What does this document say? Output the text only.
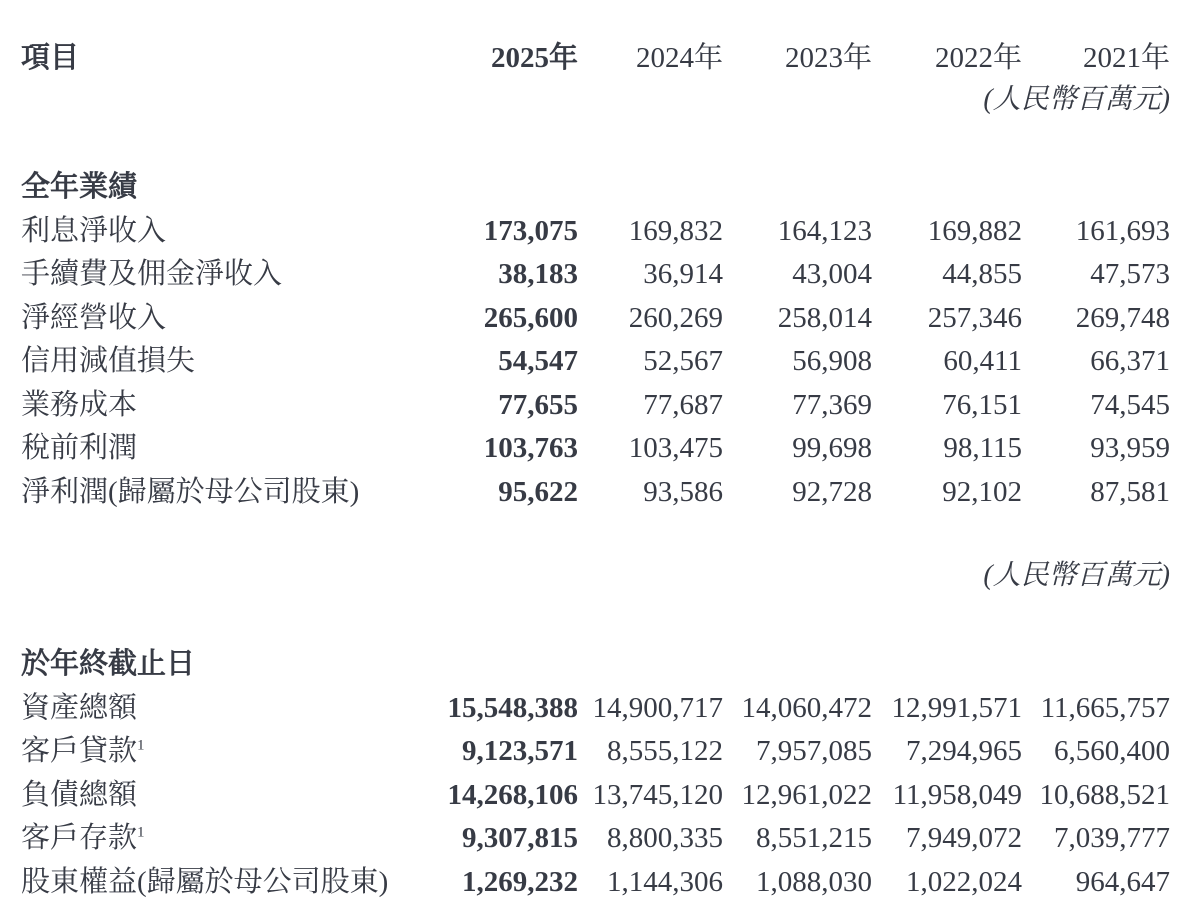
項目	2025年	2024年	2023年	2022年	2021年
(人民幣百萬元)
全年業績
利息淨收入	173,075	169,832	164,123	169,882	161,693
手續費及佣金淨收入	38,183	36,914	43,004	44,855	47,573
淨經營收入	265,600	260,269	258,014	257,346	269,748
信用減值損失	54,547	52,567	56,908	60,411	66,371
業務成本	77,655	77,687	77,369	76,151	74,545
稅前利潤	103,763	103,475	99,698	98,115	93,959
淨利潤(歸屬於母公司股東)	95,622	93,586	92,728	92,102	87,581
(人民幣百萬元)
於年終截止日
資產總額	15,548,388 14,900,717 14,060,472 12,991,571 11,665,757
客戶貸款$^1$	9,123,571	8,555,122	7,957,085	7,294,965	6,560,400
負債總額	14,268,106 13,745,120 12,961,022 11,958,049 10,688,521
客戶存款$^1$	9,307,815	8,800,335	8,551,215	7,949,072	7,039,777
股東權益(歸屬於母公司股東)	1,269,232	1,144,306	1,088,030	1,022,024	964,647
